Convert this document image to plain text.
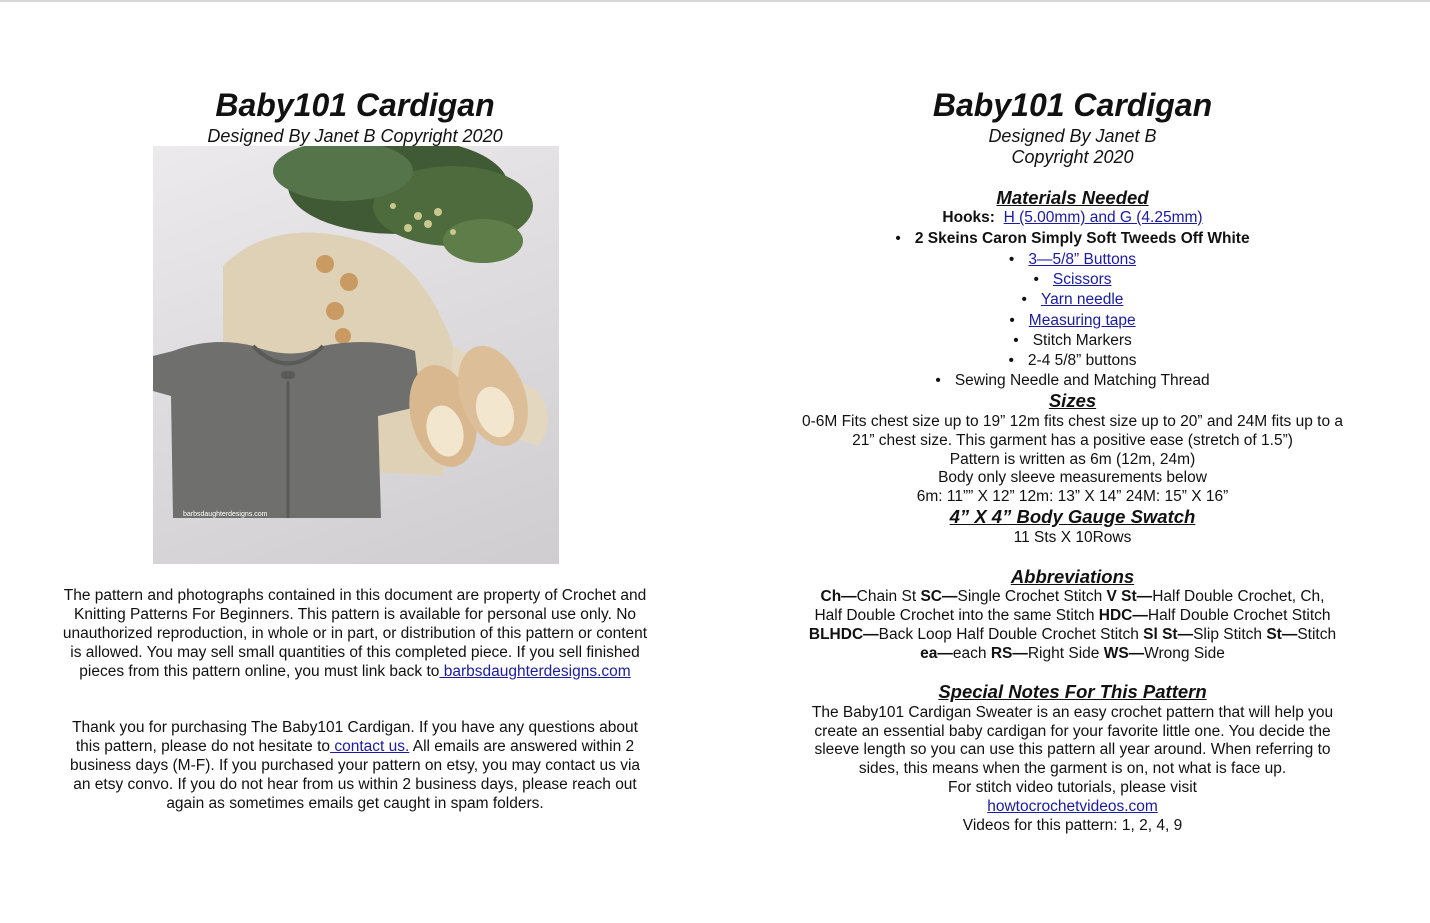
Baby101 Cardigan
Designed By Janet B Copyright 2020
barbsdaughterdesigns.com
The pattern and photographs contained in this document are property of Crochet and Knitting Patterns For Beginners. This pattern is available for personal use only. No unauthorized reproduction, in whole or in part, or distribution of this pattern or content is allowed. You may sell small quantities of this completed piece. If you sell finished pieces from this pattern online, you must link back to barbsdaughterdesigns.com
Thank you for purchasing The Baby101 Cardigan. If you have any questions about this pattern, please do not hesitate to contact us. All emails are answered within 2 business days (M-F). If you purchased your pattern on etsy, you may contact us via an etsy convo. If you do not hear from us within 2 business days, please reach out again as sometimes emails get caught in spam folders.
Baby101 Cardigan
Designed By Janet B
Copyright 2020
Materials Needed
Hooks: H (5.00mm) and G (4.25mm)
• 2 Skeins Caron Simply Soft Tweeds Off White
• 3—5/8” Buttons
• Scissors
• Yarn needle
• Measuring tape
• Stitch Markers
• 2-4 5/8” buttons
• Sewing Needle and Matching Thread
Sizes
0-6M Fits chest size up to 19” 12m fits chest size up to 20” and 24M fits up to a
21” chest size. This garment has a positive ease (stretch of 1.5”)
Pattern is written as 6m (12m, 24m)
Body only sleeve measurements below
6m: 11”” X 12” 12m: 13” X 14” 24M: 15” X 16”
4” X 4” Body Gauge Swatch
11 Sts X 10Rows
Abbreviations
Ch—Chain St SC—Single Crochet Stitch V St—Half Double Crochet, Ch,
Half Double Crochet into the same Stitch HDC—Half Double Crochet Stitch
BLHDC—Back Loop Half Double Crochet Stitch Sl St—Slip Stitch St—Stitch
ea—each RS—Right Side WS—Wrong Side
Special Notes For This Pattern
The Baby101 Cardigan Sweater is an easy crochet pattern that will help you
create an essential baby cardigan for your favorite little one. You decide the
sleeve length so you can use this pattern all year around. When referring to
sides, this means when the garment is on, not what is face up.
For stitch video tutorials, please visit
howtocrochetvideos.com
Videos for this pattern: 1, 2, 4, 9
